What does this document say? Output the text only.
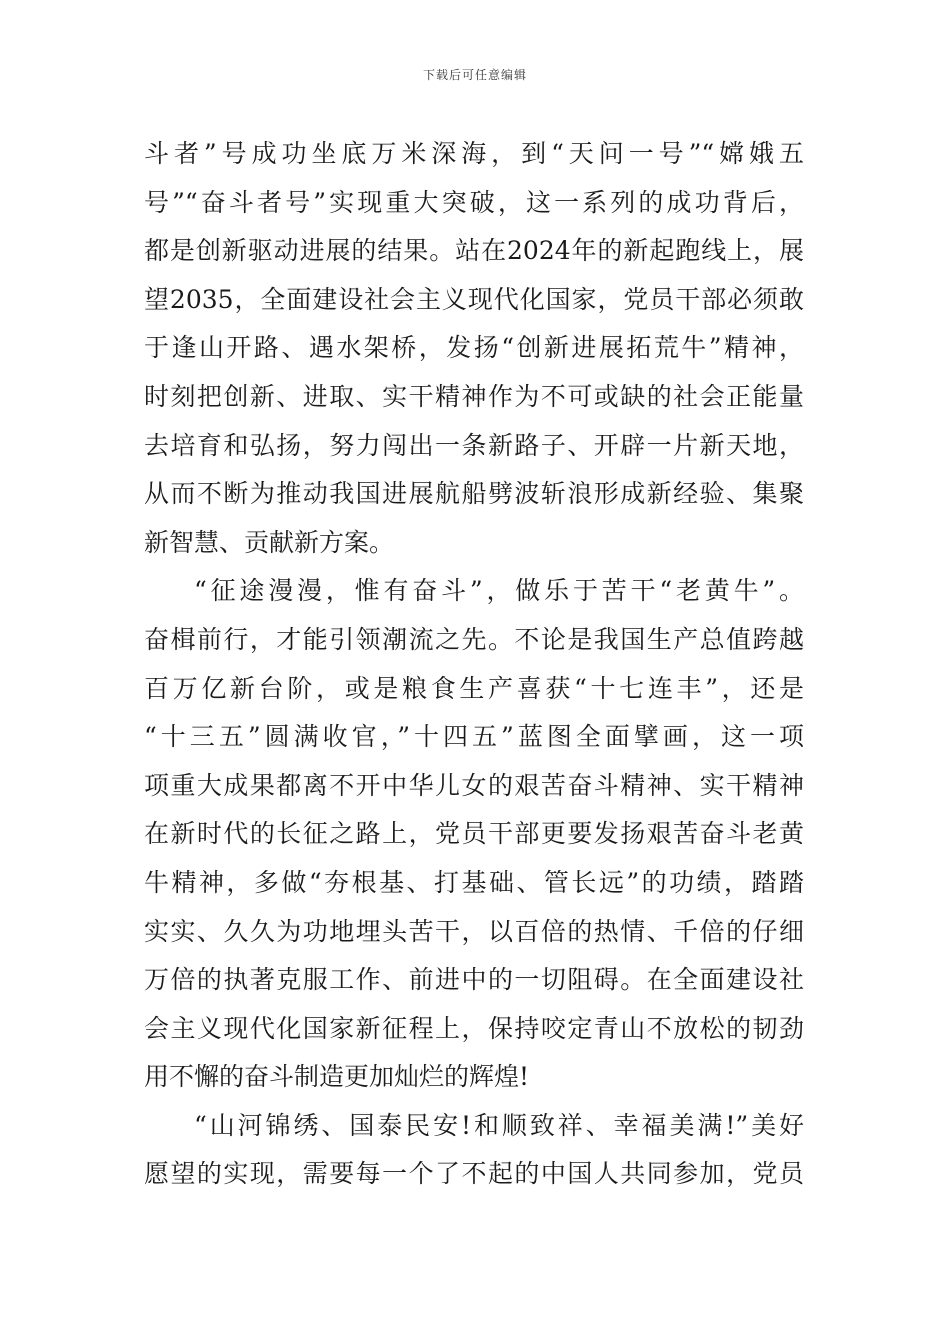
下载后可任意编辑
斗者”号成功坐底万米深海，到“天问一号”“嫦娥五
号”“奋斗者号”实现重大突破，这一系列的成功背后，
都是创新驱动进展的结果。站在2024年的新起跑线上，展
望2035，全面建设社会主义现代化国家，党员干部必须敢
于逢山开路、遇水架桥，发扬“创新进展拓荒牛”精神，
时刻把创新、进取、实干精神作为不可或缺的社会正能量
去培育和弘扬，努力闯出一条新路子、开辟一片新天地，
从而不断为推动我国进展航船劈波斩浪形成新经验、集聚
新智慧、贡献新方案。
“征途漫漫，惟有奋斗”，做乐于苦干“老黄牛”。
奋楫前行，才能引领潮流之先。不论是我国生产总值跨越
百万亿新台阶，或是粮食生产喜获“十七连丰”，还是
“十三五”圆满收官，”十四五”蓝图全面擘画，这一项
项重大成果都离不开中华儿女的艰苦奋斗精神、实干精神
在新时代的长征之路上，党员干部更要发扬艰苦奋斗老黄
牛精神，多做“夯根基、打基础、管长远”的功绩，踏踏
实实、久久为功地埋头苦干，以百倍的热情、千倍的仔细
万倍的执著克服工作、前进中的一切阻碍。在全面建设社
会主义现代化国家新征程上，保持咬定青山不放松的韧劲
用不懈的奋斗制造更加灿烂的辉煌!
“山河锦绣、国泰民安!和顺致祥、幸福美满!”美好
愿望的实现，需要每一个了不起的中国人共同参加，党员
